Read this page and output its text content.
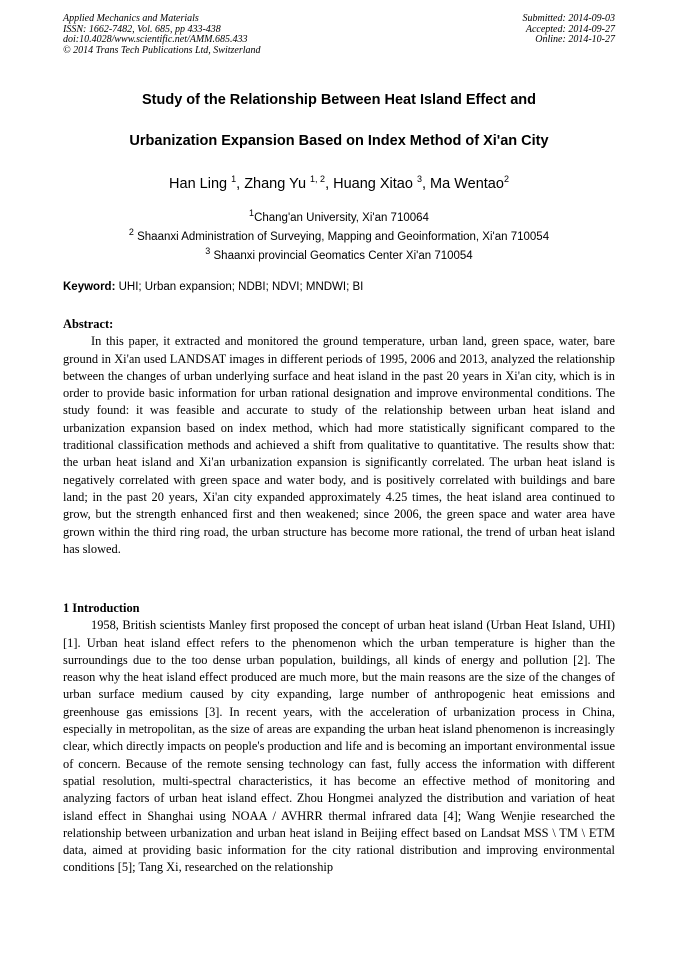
Applied Mechanics and Materials
ISSN: 1662-7482, Vol. 685, pp 433-438
doi:10.4028/www.scientific.net/AMM.685.433
© 2014 Trans Tech Publications Ltd, Switzerland
Submitted: 2014-09-03
Accepted: 2014-09-27
Online: 2014-10-27
Study of the Relationship Between Heat Island Effect and
Urbanization Expansion Based on Index Method of Xi'an City
Han Ling $^1$, Zhang Yu $^{1, 2}$, Huang Xitao $^3$, Ma Wentao$^2$
$^1$Chang'an University, Xi'an 710064
$^2$ Shaanxi Administration of Surveying, Mapping and Geoinformation, Xi'an 710054
$^3$ Shaanxi provincial Geomatics Center Xi'an 710054
Keyword: UHI; Urban expansion; NDBI; NDVI; MNDWI; BI
Abstract:

In this paper, it extracted and monitored the ground temperature, urban land, green space, water, bare ground in Xi'an used LANDSAT images in different periods of 1995, 2006 and 2013, analyzed the relationship between the changes of urban underlying surface and heat island in the past 20 years in Xi'an city, which is in order to provide basic information for urban rational designation and improve environmental conditions. The study found: it was feasible and accurate to study of the relationship between urban heat island and urbanization expansion based on index method, which had more statistically significant compared to the traditional classification methods and achieved a shift from qualitative to quantitative. The results show that: the urban heat island and Xi'an urbanization expansion is significantly correlated. The urban heat island is negatively correlated with green space and water body, and is positively correlated with buildings and bare land; in the past 20 years, Xi'an city expanded approximately 4.25 times, the heat island area continued to grow, but the strength enhanced first and then weakened; since 2006, the green space and water area have grown within the third ring road, the urban structure has become more rational, the trend of urban heat island has slowed.

1 Introduction

1958, British scientists Manley first proposed the concept of urban heat island (Urban Heat Island, UHI) [1]. Urban heat island effect refers to the phenomenon which the urban temperature is higher than the surroundings due to the too dense urban population, buildings, all kinds of energy and pollution [2]. The reason why the heat island effect produced are much more, but the main reasons are the size of the changes of urban surface medium caused by city expanding, large number of anthropogenic heat emissions and greenhouse gas emissions [3]. In recent years, with the acceleration of urbanization process in China, especially in metropolitan, as the size of areas are expanding the urban heat island phenomenon is increasingly clear, which directly impacts on people's production and life and is becoming an important environmental issue of concern. Because of the remote sensing technology can fast, fully access the information with different spatial resolution, multi-spectral characteristics, it has become an effective method of monitoring and analyzing factors of urban heat island effect. Zhou Hongmei analyzed the distribution and variation of heat island effect in Shanghai using NOAA / AVHRR thermal infrared data [4]; Wang Wenjie researched the relationship between urbanization and urban heat island in Beijing effect based on Landsat MSS \ TM \ ETM data, aimed at providing basic information for the city rational distribution and improving environmental conditions [5]; Tang Xi, researched on the relationship
